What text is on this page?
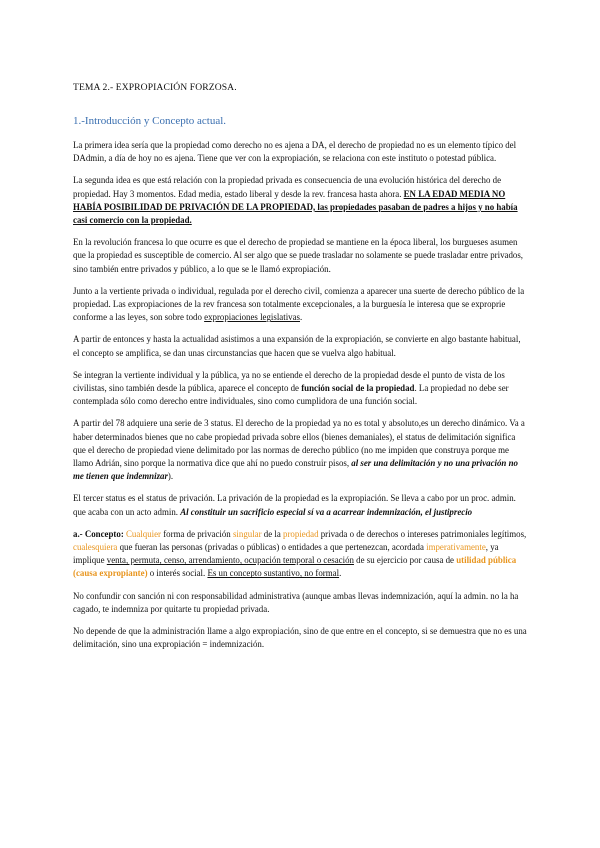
TEMA 2.- EXPROPIACIÓN FORZOSA.
1.-Introducción y Concepto actual.

La primera idea sería que la propiedad como derecho no es ajena a DA, el derecho de propiedad no es un elemento típico del DAdmin, a día de hoy no es ajena. Tiene que ver con la expropiación, se relaciona con este instituto o potestad pública.

La segunda idea es que está relación con la propiedad privada es consecuencia de una evolución histórica del derecho de propiedad. Hay 3 momentos. Edad media, estado liberal y desde la rev. francesa hasta ahora. EN LA EDAD MEDIA NO HABÍA POSIBILIDAD DE PRIVACIÓN DE LA PROPIEDAD, las propiedades pasaban de padres a hijos y no había casi comercio con la propiedad.

En la revolución francesa lo que ocurre es que el derecho de propiedad se mantiene en la época liberal, los burgueses asumen que la propiedad es susceptible de comercio. Al ser algo que se puede trasladar no solamente se puede trasladar entre privados, sino también entre privados y público, a lo que se le llamó expropiación.

Junto a la vertiente privada o individual, regulada por el derecho civil, comienza a aparecer una suerte de derecho público de la propiedad. Las expropiaciones de la rev francesa son totalmente excepcionales, a la burguesía le interesa que se exproprie conforme a las leyes, son sobre todo expropiaciones legislativas.

A partir de entonces y hasta la actualidad asistimos a una expansión de la expropiación, se convierte en algo bastante habitual, el concepto se amplifica, se dan unas circunstancias que hacen que se vuelva algo habitual.

Se integran la vertiente individual y la pública, ya no se entiende el derecho de la propiedad desde el punto de vista de los civilistas, sino también desde la pública, aparece el concepto de función social de la propiedad. La propiedad no debe ser contemplada sólo como derecho entre individuales, sino como cumplidora de una función social.

A partir del 78 adquiere una serie de 3 status. El derecho de la propiedad ya no es total y absoluto,es un derecho dinámico. Va a haber determinados bienes que no cabe propiedad privada sobre ellos (bienes demaniales), el status de delimitación significa que el derecho de propiedad viene delimitado por las normas de derecho público (no me impiden que construya porque me llamo Adrián, sino porque la normativa dice que ahí no puedo construir pisos, al ser una delimitación y no una privación no me tienen que indemnizar).

El tercer status es el status de privación. La privación de la propiedad es la expropiación. Se lleva a cabo por un proc. admin. que acaba con un acto admin. Al constituir un sacrificio especial sí va a acarrear indemnización, el justiprecio

a.- Concepto: Cualquier forma de privación singular de la propiedad privada o de derechos o intereses patrimoniales legítimos, cualesquiera que fueran las personas (privadas o públicas) o entidades a que pertenezcan, acordada imperativamente, ya implique venta, permuta, censo, arrendamiento, ocupación temporal o cesación de su ejercicio por causa de utilidad pública (causa expropiante) o interés social. Es un concepto sustantivo, no formal.

No confundir con sanción ni con responsabilidad administrativa (aunque ambas llevas indemnización, aquí la admin. no la ha cagado, te indemniza por quitarte tu propiedad privada.

No depende de que la administración llame a algo expropiación, sino de que entre en el concepto, si se demuestra que no es una delimitación, sino una expropiación = indemnización.
